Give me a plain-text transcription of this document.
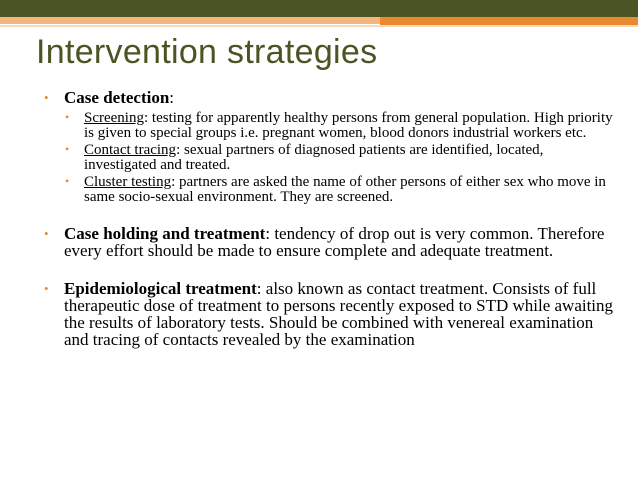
Intervention strategies
• Case detection:
• Screening: testing for apparently healthy persons from general population. High priority is given to special groups i.e. pregnant women, blood donors industrial workers etc.
• Contact tracing: sexual partners of diagnosed patients are identified, located, investigated and treated.
• Cluster testing: partners are asked the name of other persons of either sex who move in same socio-sexual environment. They are screened.
• Case holding and treatment: tendency of drop out is very common. Therefore every effort should be made to ensure complete and adequate treatment.
• Epidemiological treatment: also known as contact treatment. Consists of full therapeutic dose of treatment to persons recently exposed to STD while awaiting the results of laboratory tests. Should be combined with venereal examination and tracing of contacts revealed by the examination
